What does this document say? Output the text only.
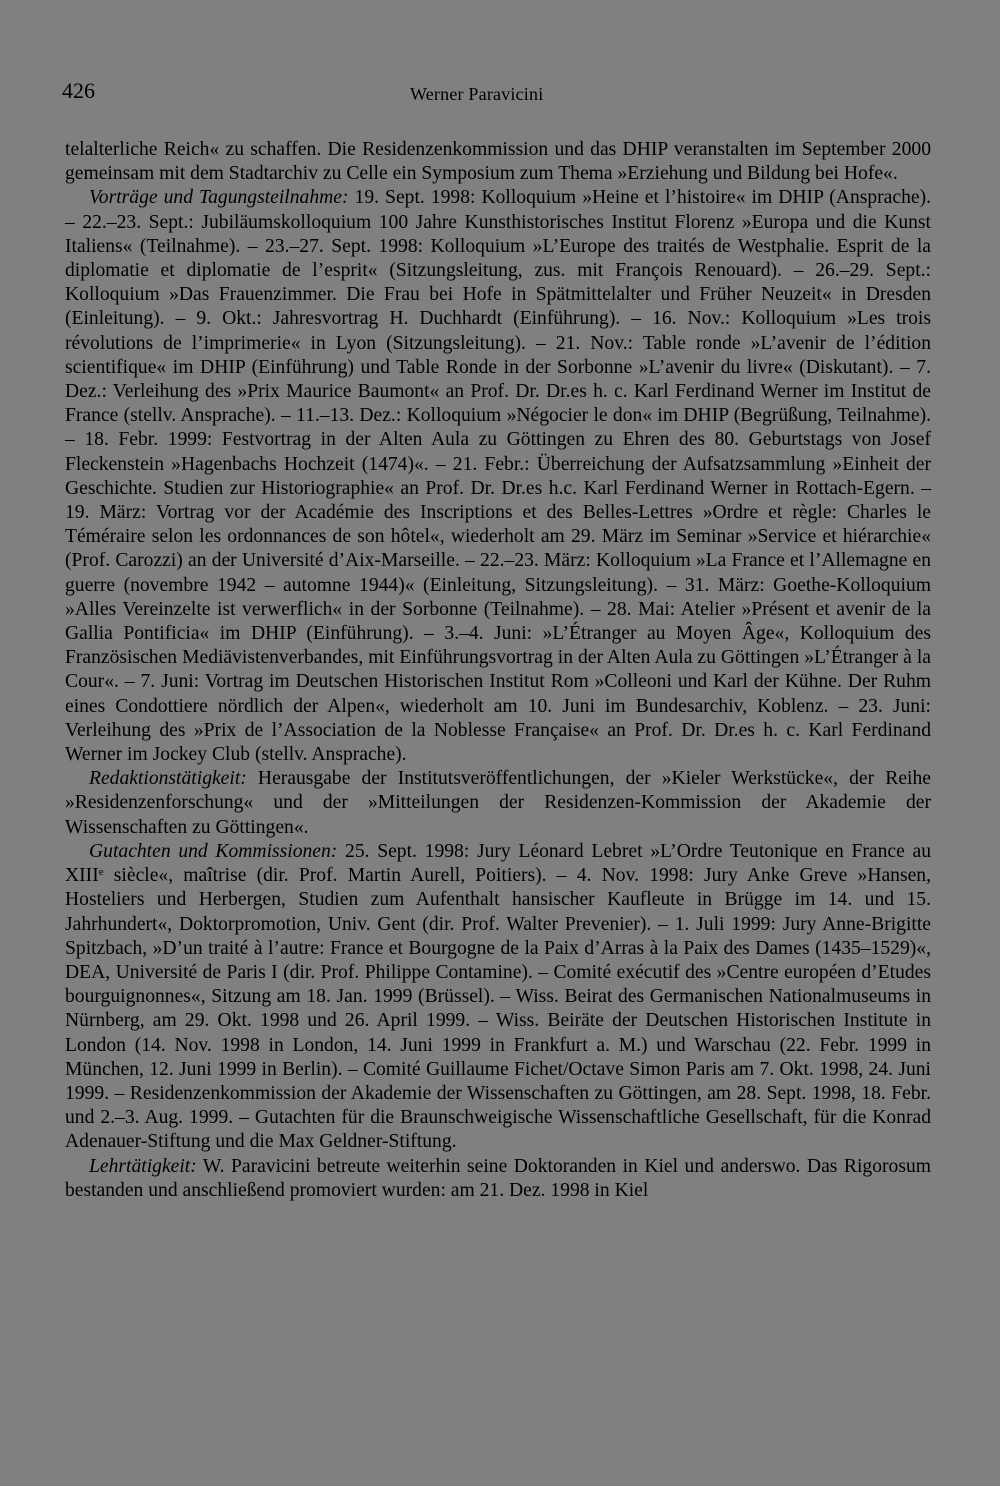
426	Werner Paravicini

telalterliche Reich« zu schaffen. Die Residenzenkommission und das DHIP veranstalten im September 2000 gemeinsam mit dem Stadtarchiv zu Celle ein Symposium zum Thema »Erziehung und Bildung bei Hofe«.

Vorträge und Tagungsteilnahme: 19. Sept. 1998: Kolloquium »Heine et l’histoire« im DHIP (Ansprache). – 22.–23. Sept.: Jubiläumskolloquium 100 Jahre Kunsthistorisches Institut Florenz »Europa und die Kunst Italiens« (Teilnahme). – 23.–27. Sept. 1998: Kolloquium »L’Europe des traités de Westphalie. Esprit de la diplomatie et diplomatie de l’esprit« (Sitzungsleitung, zus. mit François Renouard). – 26.–29. Sept.: Kolloquium »Das Frauenzimmer. Die Frau bei Hofe in Spätmittelalter und Früher Neuzeit« in Dresden (Einleitung). – 9. Okt.: Jahresvortrag H. Duchhardt (Einführung). – 16. Nov.: Kolloquium »Les trois révolutions de l’imprimerie« in Lyon (Sitzungsleitung). – 21. Nov.: Table ronde »L’avenir de l’édition scientifique« im DHIP (Einführung) und Table Ronde in der Sorbonne »L’avenir du livre« (Diskutant). – 7. Dez.: Verleihung des »Prix Maurice Baumont« an Prof. Dr. Dr.es h. c. Karl Ferdinand Werner im Institut de France (stellv. Ansprache). – 11.–13. Dez.: Kolloquium »Négocier le don« im DHIP (Begrüßung, Teilnahme). – 18. Febr. 1999: Festvortrag in der Alten Aula zu Göttingen zu Ehren des 80. Geburtstags von Josef Fleckenstein »Hagenbachs Hochzeit (1474)«. – 21. Febr.: Überreichung der Aufsatzsammlung »Einheit der Geschichte. Studien zur Historiographie« an Prof. Dr. Dr.es h.c. Karl Ferdinand Werner in Rottach-Egern. – 19. März: Vortrag vor der Académie des Inscriptions et des Belles-Lettres »Ordre et règle: Charles le Téméraire selon les ordonnances de son hôtel«, wiederholt am 29. März im Seminar »Service et hiérarchie« (Prof. Carozzi) an der Université d’Aix-Marseille. – 22.–23. März: Kolloquium »La France et l’Allemagne en guerre (novembre 1942 – automne 1944)« (Einleitung, Sitzungsleitung). – 31. März: Goethe-Kolloquium »Alles Vereinzelte ist verwerflich« in der Sorbonne (Teilnahme). – 28. Mai: Atelier »Présent et avenir de la Gallia Pontificia« im DHIP (Einführung). – 3.–4. Juni: »L’Étranger au Moyen Âge«, Kolloquium des Französischen Mediävistenverbandes, mit Einführungsvortrag in der Alten Aula zu Göttingen »L’Étranger à la Cour«. – 7. Juni: Vortrag im Deutschen Historischen Institut Rom »Colleoni und Karl der Kühne. Der Ruhm eines Condottiere nördlich der Alpen«, wiederholt am 10. Juni im Bundesarchiv, Koblenz. – 23. Juni: Verleihung des »Prix de l’Association de la Noblesse Française« an Prof. Dr. Dr.es h. c. Karl Ferdinand Werner im Jockey Club (stellv. Ansprache).

Redaktionstätigkeit: Herausgabe der Institutsveröffentlichungen, der »Kieler Werkstücke«, der Reihe »Residenzenforschung« und der »Mitteilungen der Residenzen-Kommission der Akademie der Wissenschaften zu Göttingen«.

Gutachten und Kommissionen: 25. Sept. 1998: Jury Léonard Lebret »L’Ordre Teutonique en France au XIIIe siècle«, maîtrise (dir. Prof. Martin Aurell, Poitiers). – 4. Nov. 1998: Jury Anke Greve »Hansen, Hosteliers und Herbergen, Studien zum Aufenthalt hansischer Kaufleute in Brügge im 14. und 15. Jahrhundert«, Doktorpromotion, Univ. Gent (dir. Prof. Walter Prevenier). – 1. Juli 1999: Jury Anne-Brigitte Spitzbach, »D’un traité à l’autre: France et Bourgogne de la Paix d’Arras à la Paix des Dames (1435–1529)«, DEA, Université de Paris I (dir. Prof. Philippe Contamine). – Comité exécutif des »Centre européen d’Etudes bourguignonnes«, Sitzung am 18. Jan. 1999 (Brüssel). – Wiss. Beirat des Germanischen Nationalmuseums in Nürnberg, am 29. Okt. 1998 und 26. April 1999. – Wiss. Beiräte der Deutschen Historischen Institute in London (14. Nov. 1998 in London, 14. Juni 1999 in Frankfurt a. M.) und Warschau (22. Febr. 1999 in München, 12. Juni 1999 in Berlin). – Comité Guillaume Fichet/Octave Simon Paris am 7. Okt. 1998, 24. Juni 1999. – Residenzenkommission der Akademie der Wissenschaften zu Göttingen, am 28. Sept. 1998, 18. Febr. und 2.–3. Aug. 1999. – Gutachten für die Braunschweigische Wissenschaftliche Gesellschaft, für die Konrad Adenauer-Stiftung und die Max Geldner-Stiftung.

Lehrtätigkeit: W. Paravicini betreute weiterhin seine Doktoranden in Kiel und anderswo. Das Rigorosum bestanden und anschließend promoviert wurden: am 21. Dez. 1998 in Kiel
